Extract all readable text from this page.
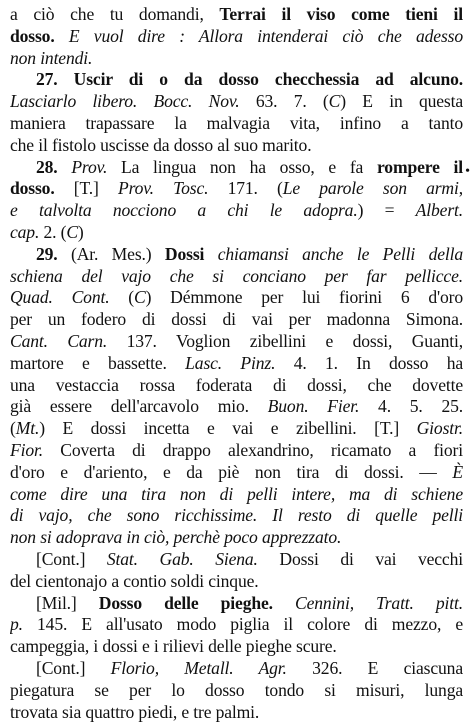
a ciò che tu domandi, Terrai il viso come tieni il
dosso. E vuol dire : Allora intenderai ciò che adesso
non intendi.
27. Uscir di o da dosso checchessia ad alcuno.
Lasciarlo libero. Bocc. Nov. 63. 7. (C) E in questa
maniera trapassare la malvagia vita, infino a tanto
che il fistolo uscisse da dosso al suo marito.
28. Prov. La lingua non ha osso, e fa rompere il
dosso. [T.] Prov. Tosc. 171. (Le parole son armi,
e talvolta nocciono a chi le adopra.) = Albert.
cap. 2. (C)
29. (Ar. Mes.) Dossi chiamansi anche le Pelli della
schiena del vajo che si conciano per far pellicce.
Quad. Cont. (C) Démmone per lui fiorini 6 d'oro
per un fodero di dossi di vai per madonna Simona.
Cant. Carn. 137. Voglion zibellini e dossi, Guanti,
martore e bassette. Lasc. Pinz. 4. 1. In dosso ha
una vestaccia rossa foderata di dossi, che dovette
già essere dell'arcavolo mio. Buon. Fier. 4. 5. 25.
(Mt.) E dossi incetta e vai e zibellini. [T.] Giostr.
Fior. Coverta di drappo alexandrino, ricamato a fiori
d'oro e d'ariento, e da piè non tira di dossi. — È
come dire una tira non di pelli intere, ma di schiene
di vajo, che sono ricchissime. Il resto di quelle pelli
non si adoprava in ciò, perchè poco apprezzato.
[Cont.] Stat. Gab. Siena. Dossi di vai vecchi
del cientonajo a contio soldi cinque.
[Mil.] Dosso delle pieghe. Cennini, Tratt. pitt.
p. 145. E all'usato modo piglia il colore di mezzo, e
campeggia, i dossi e i rilievi delle pieghe scure.
[Cont.] Florio, Metall. Agr. 326. E ciascuna
piegatura se per lo dosso tondo si misuri, lunga
trovata sia quattro piedi, e tre palmi.
•
